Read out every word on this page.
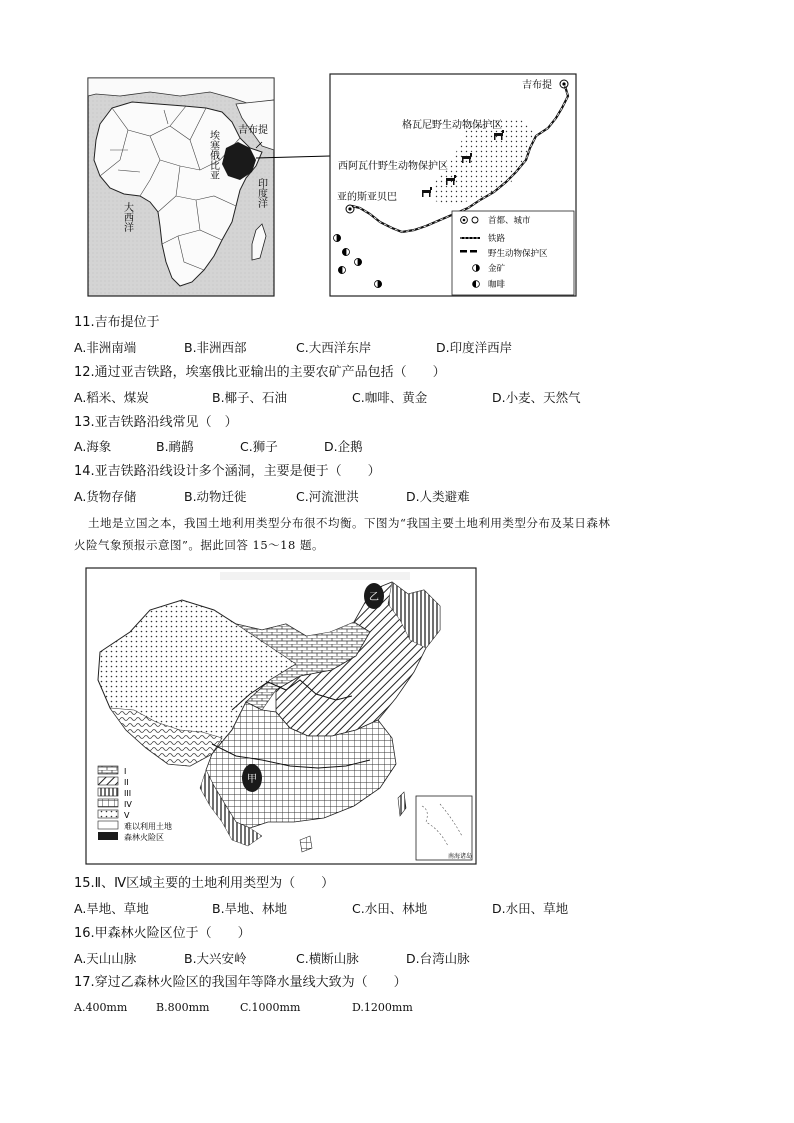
埃塞俄比亚 吉布提
大西洋
印度洋
吉布提
格瓦尼野生动物保护区
西阿瓦什野生动物保护区
亚的斯亚贝巴
首都、城市
铁路
野生动物保护区
金矿
咖啡
11.吉布提位于
A.非洲南端	B.非洲西部	C.大西洋东岸	D.印度洋西岸
12.通过亚吉铁路，埃塞俄比亚输出的主要农矿产品包括（　　）
A.稻米、煤炭	B.椰子、石油	C.咖啡、黄金	D.小麦、天然气
13.亚吉铁路沿线常见（　）
A.海象	B.鸸鹋	C.狮子	D.企鹅
14.亚吉铁路沿线设计多个涵洞，主要是便于（　　）
A.货物存储	B.动物迁徙	C.河流泄洪	D.人类避难
土地是立国之本，我国土地利用类型分布很不均衡。下图为“我国主要土地利用类型分布及某日森林
火险气象预报示意图”。据此回答 15～18 题。
甲
乙
南海诸岛
I
II
III
IV
V
难以利用土地
森林火险区
15.Ⅱ、Ⅳ区域主要的土地利用类型为（　　）
A.旱地、草地	B.旱地、林地	C.水田、林地	D.水田、草地
16.甲森林火险区位于（　　）
A.天山山脉	B.大兴安岭	C.横断山脉	D.台湾山脉
17.穿过乙森林火险区的我国年等降水量线大致为（　　）
A.400mm	B.800mm	C.1000mm	D.1200mm
